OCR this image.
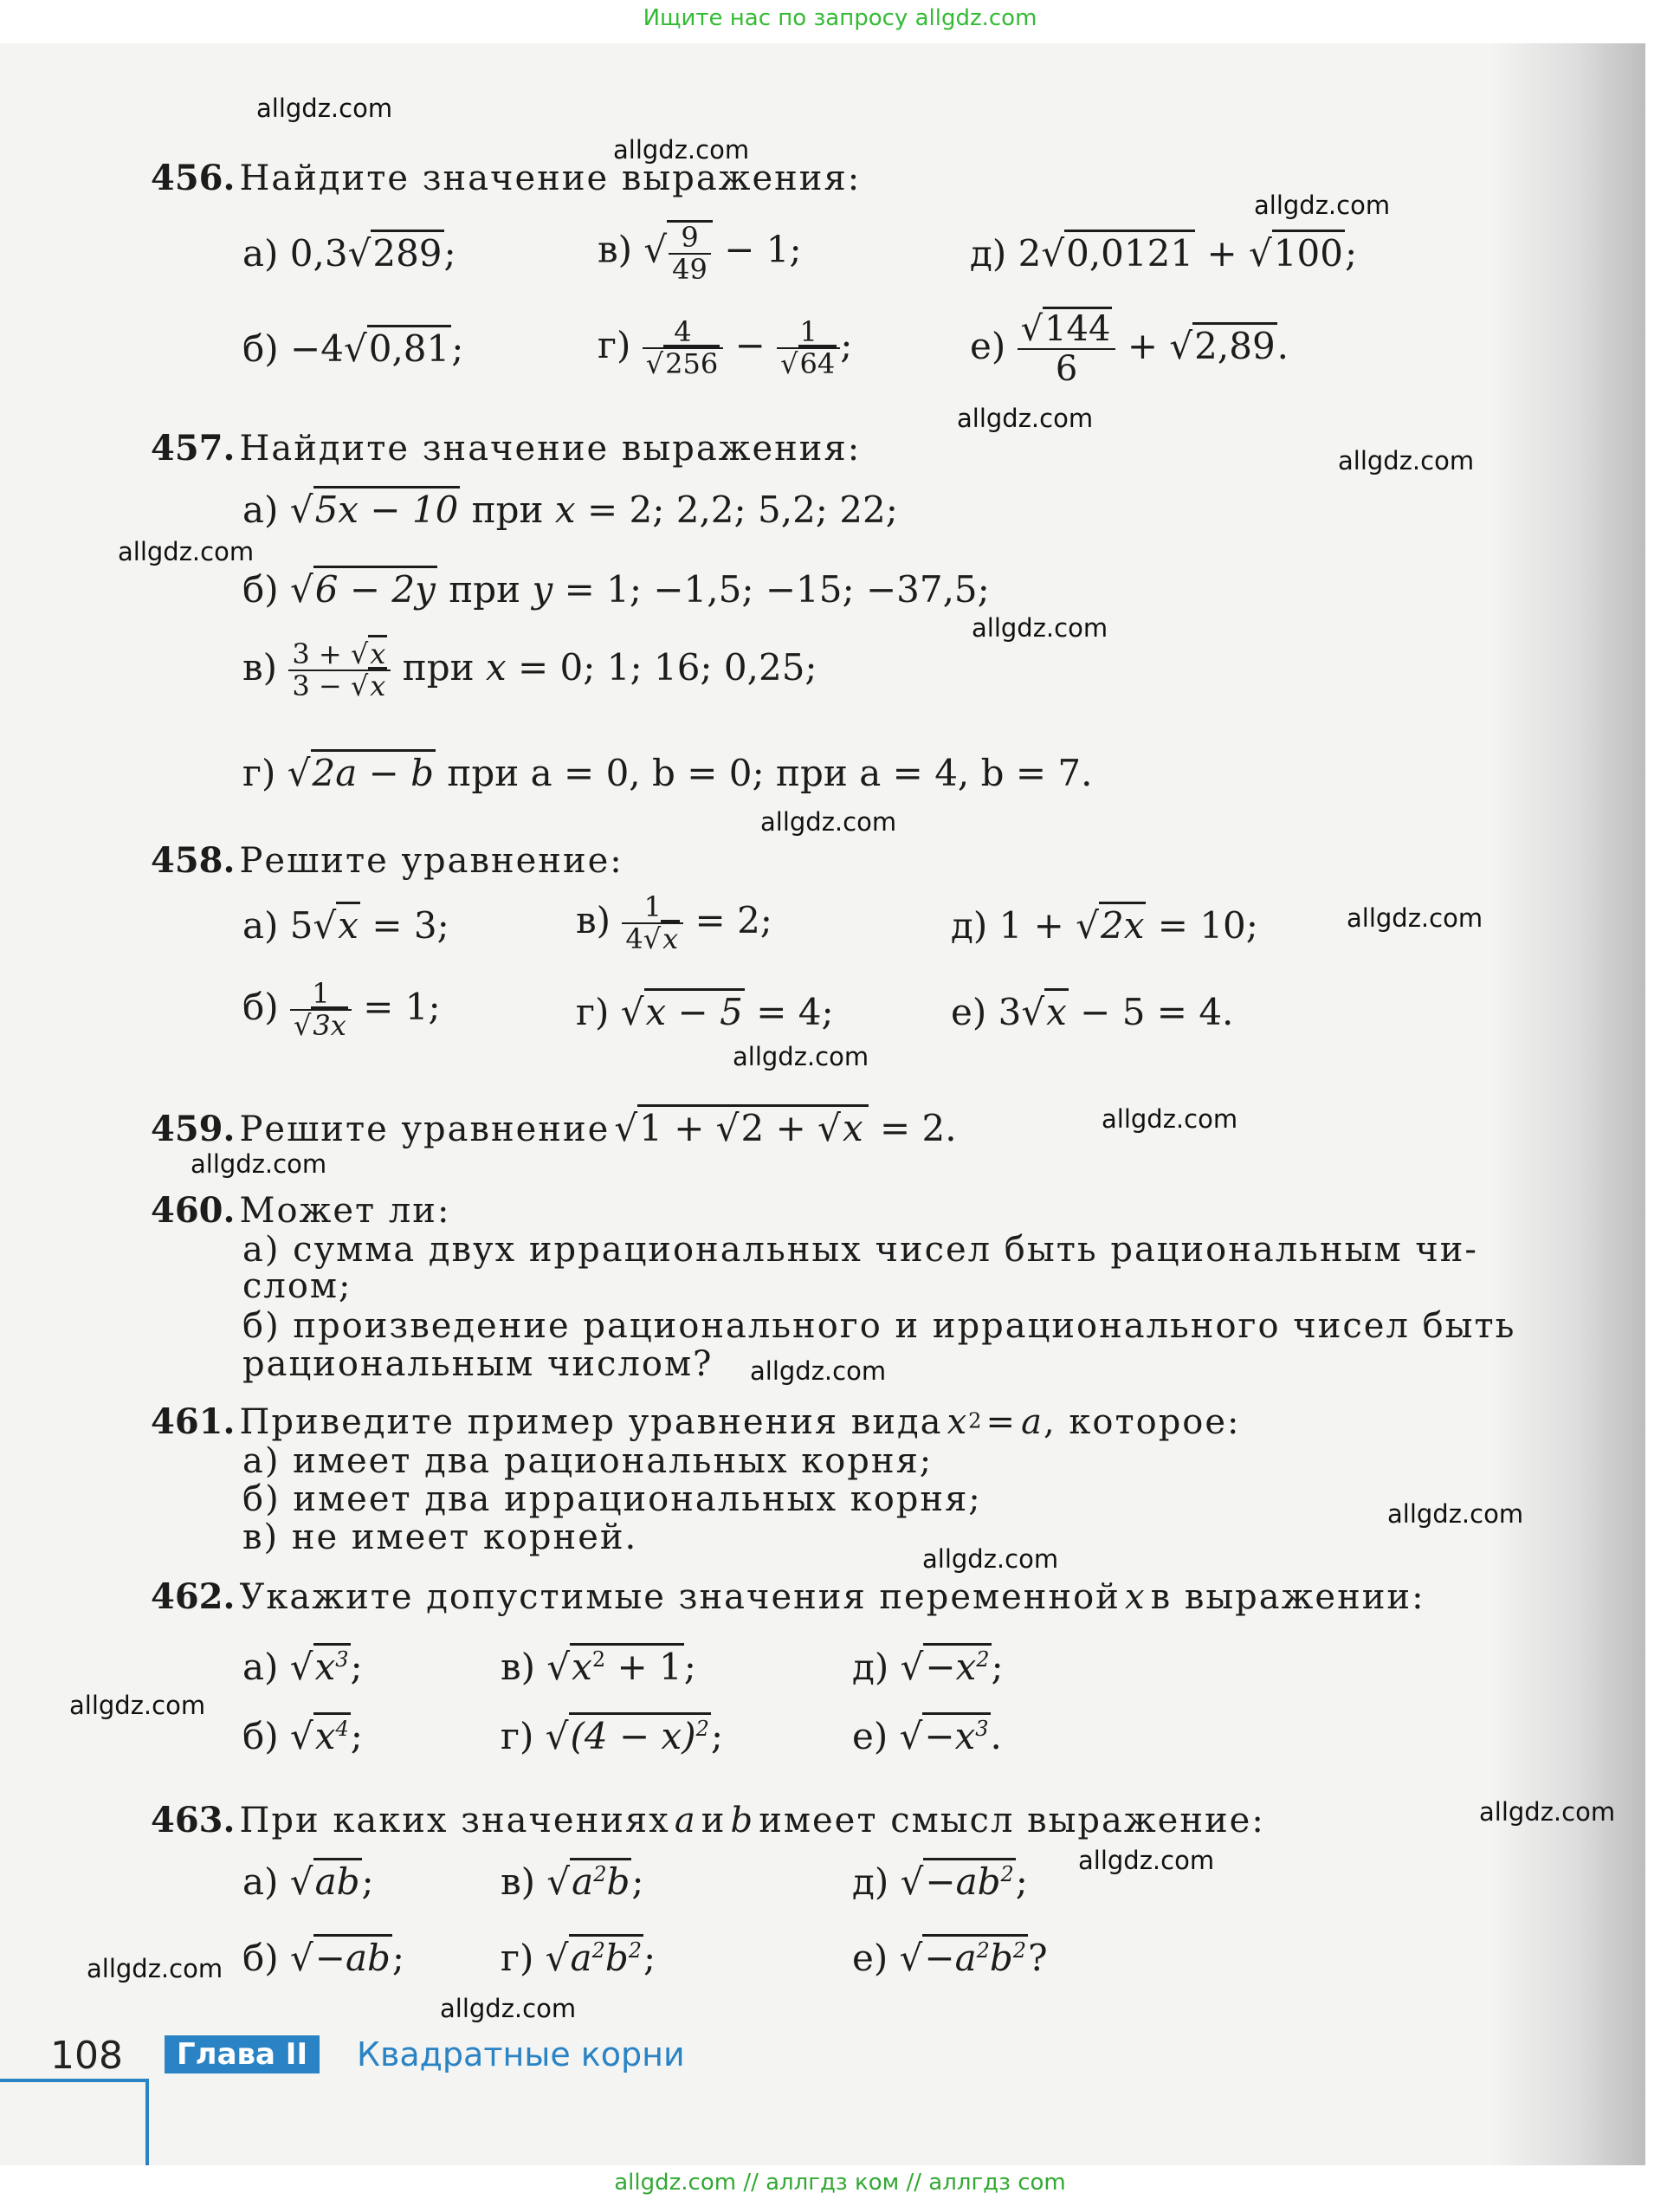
Ищите нас по запросу allgdz.com
allgdz.com
allgdz.com
allgdz.com
allgdz.com
allgdz.com
allgdz.com
allgdz.com
allgdz.com
allgdz.com
allgdz.com
allgdz.com
allgdz.com
allgdz.com
allgdz.com
allgdz.com
allgdz.com
allgdz.com
allgdz.com
allgdz.com
allgdz.com
456. Найдите значение выражения:
а) 0,3√289;	в) √ $\frac{9}{49} - 1$;	д) 2√0,0121 + √100;
б) −4√0,81;	$г) \frac{4}{√256} - \frac{1}{√64}$ ;	$е) \frac{√144}{6} + √2,89$.
457. Найдите значение выражения:
а) √5x − 10 при x = 2; 2,2; 5,2; 22;
б) √6 − 2y при y = 1; −1,5; −15; −37,5;
$в) \frac{3 + √x}{3 - √x}$ при x = 0; 1; 16; 0,25;
г) √2a − b при a = 0, b = 0; при a = 4, b = 7.
458. Решите уравнение:
а) 5√x = 3;	$в) \frac{1}{4√x} = 2$;	д) 1 + √2x = 10;
$б) \frac{1}{√3x} = 1$;	г) √x − 5 = 4;	е) 3√x − 5 = 4.
459. Решите уравнение √1 + √2 + √x = 2.
460. Может ли:
а) сумма двух иррациональных чисел быть рациональным чи-
слом;
б) произведение рационального и иррационального чисел быть
рациональным числом?
461. Приведите пример уравнения вида $x^2 = a$, которое:
а) имеет два рациональных корня;
б) имеет два иррациональных корня;
в) не имеет корней.
462. Укажите допустимые значения переменной x в выражении:
а) $√x^3$;	в) $√x^2 + 1$;	д) $√-x^2$;
б) $√x^4$;	г) $√(4 - x)^2$;	е) $√-x^3$.
463. При каких значениях a и b имеет смысл выражение:
а) √ab;	в) $√a^2b$;	д) $√-ab^2$;
б) √−ab;	г) $√a^2b^2$;	е) $√-a^2b^2$?
108	Глава II	Квадратные корни
allgdz.com // аллгдз ком // аллгдз com
